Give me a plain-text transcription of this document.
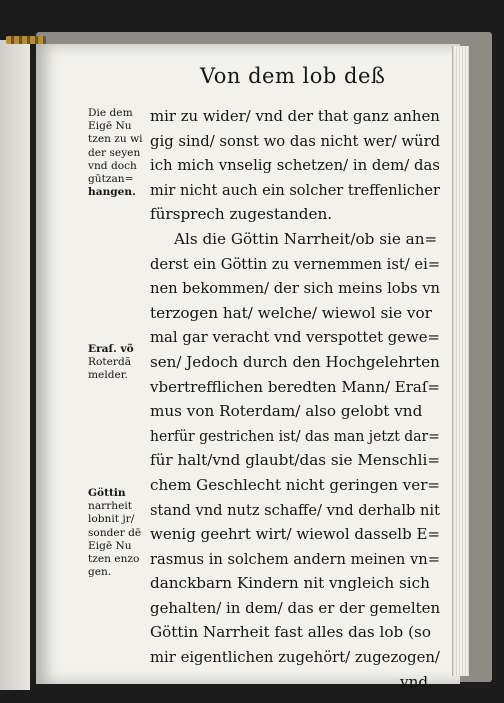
Von dem lob deß
Die dem
Eigē Nu
tzen zu wi
der seyen
vnd doch
gūtzan=
hangen.
Eraſ. võ
Roterdã
melder.
Göttin
narrheit
lobnit jr/
sonder dē
Eigē Nu
tzen enzo
gen.
mir zu wider/ vnd der that ganz anhen
gig sind/ sonst wo das nicht wer/ würd
ich mich vnselig schetzen/ in dem/ das
mir nicht auch ein solcher treffenlicher
fürsprech zugestanden.
Als die Göttin Narrheit/ob sie an=
derst ein Göttin zu vernemmen ist/ ei=
nen bekommen/ der sich meins lobs vn
terzogen hat/ welche/ wiewol sie vor
mal gar veracht vnd verspottet gewe=
sen/ Jedoch durch den Hochgelehrten
vbertrefflichen beredten Mann/ Eraſ=
mus von Roterdam/ also gelobt vnd
herfür gestrichen ist/ das man jetzt dar=
für halt/vnd glaubt/das sie Menschli=
chem Geschlecht nicht geringen ver=
stand vnd nutz schaffe/ vnd derhalb nit
wenig geehrt wirt/ wiewol dasselb E=
rasmus in solchem andern meinen vn=
danckbarn Kindern nit vngleich sich
gehalten/ in dem/ das er der gemelten
Göttin Narrheit fast alles das lob (so
mir eigentlichen zugehört/ zugezogen/
vnd
